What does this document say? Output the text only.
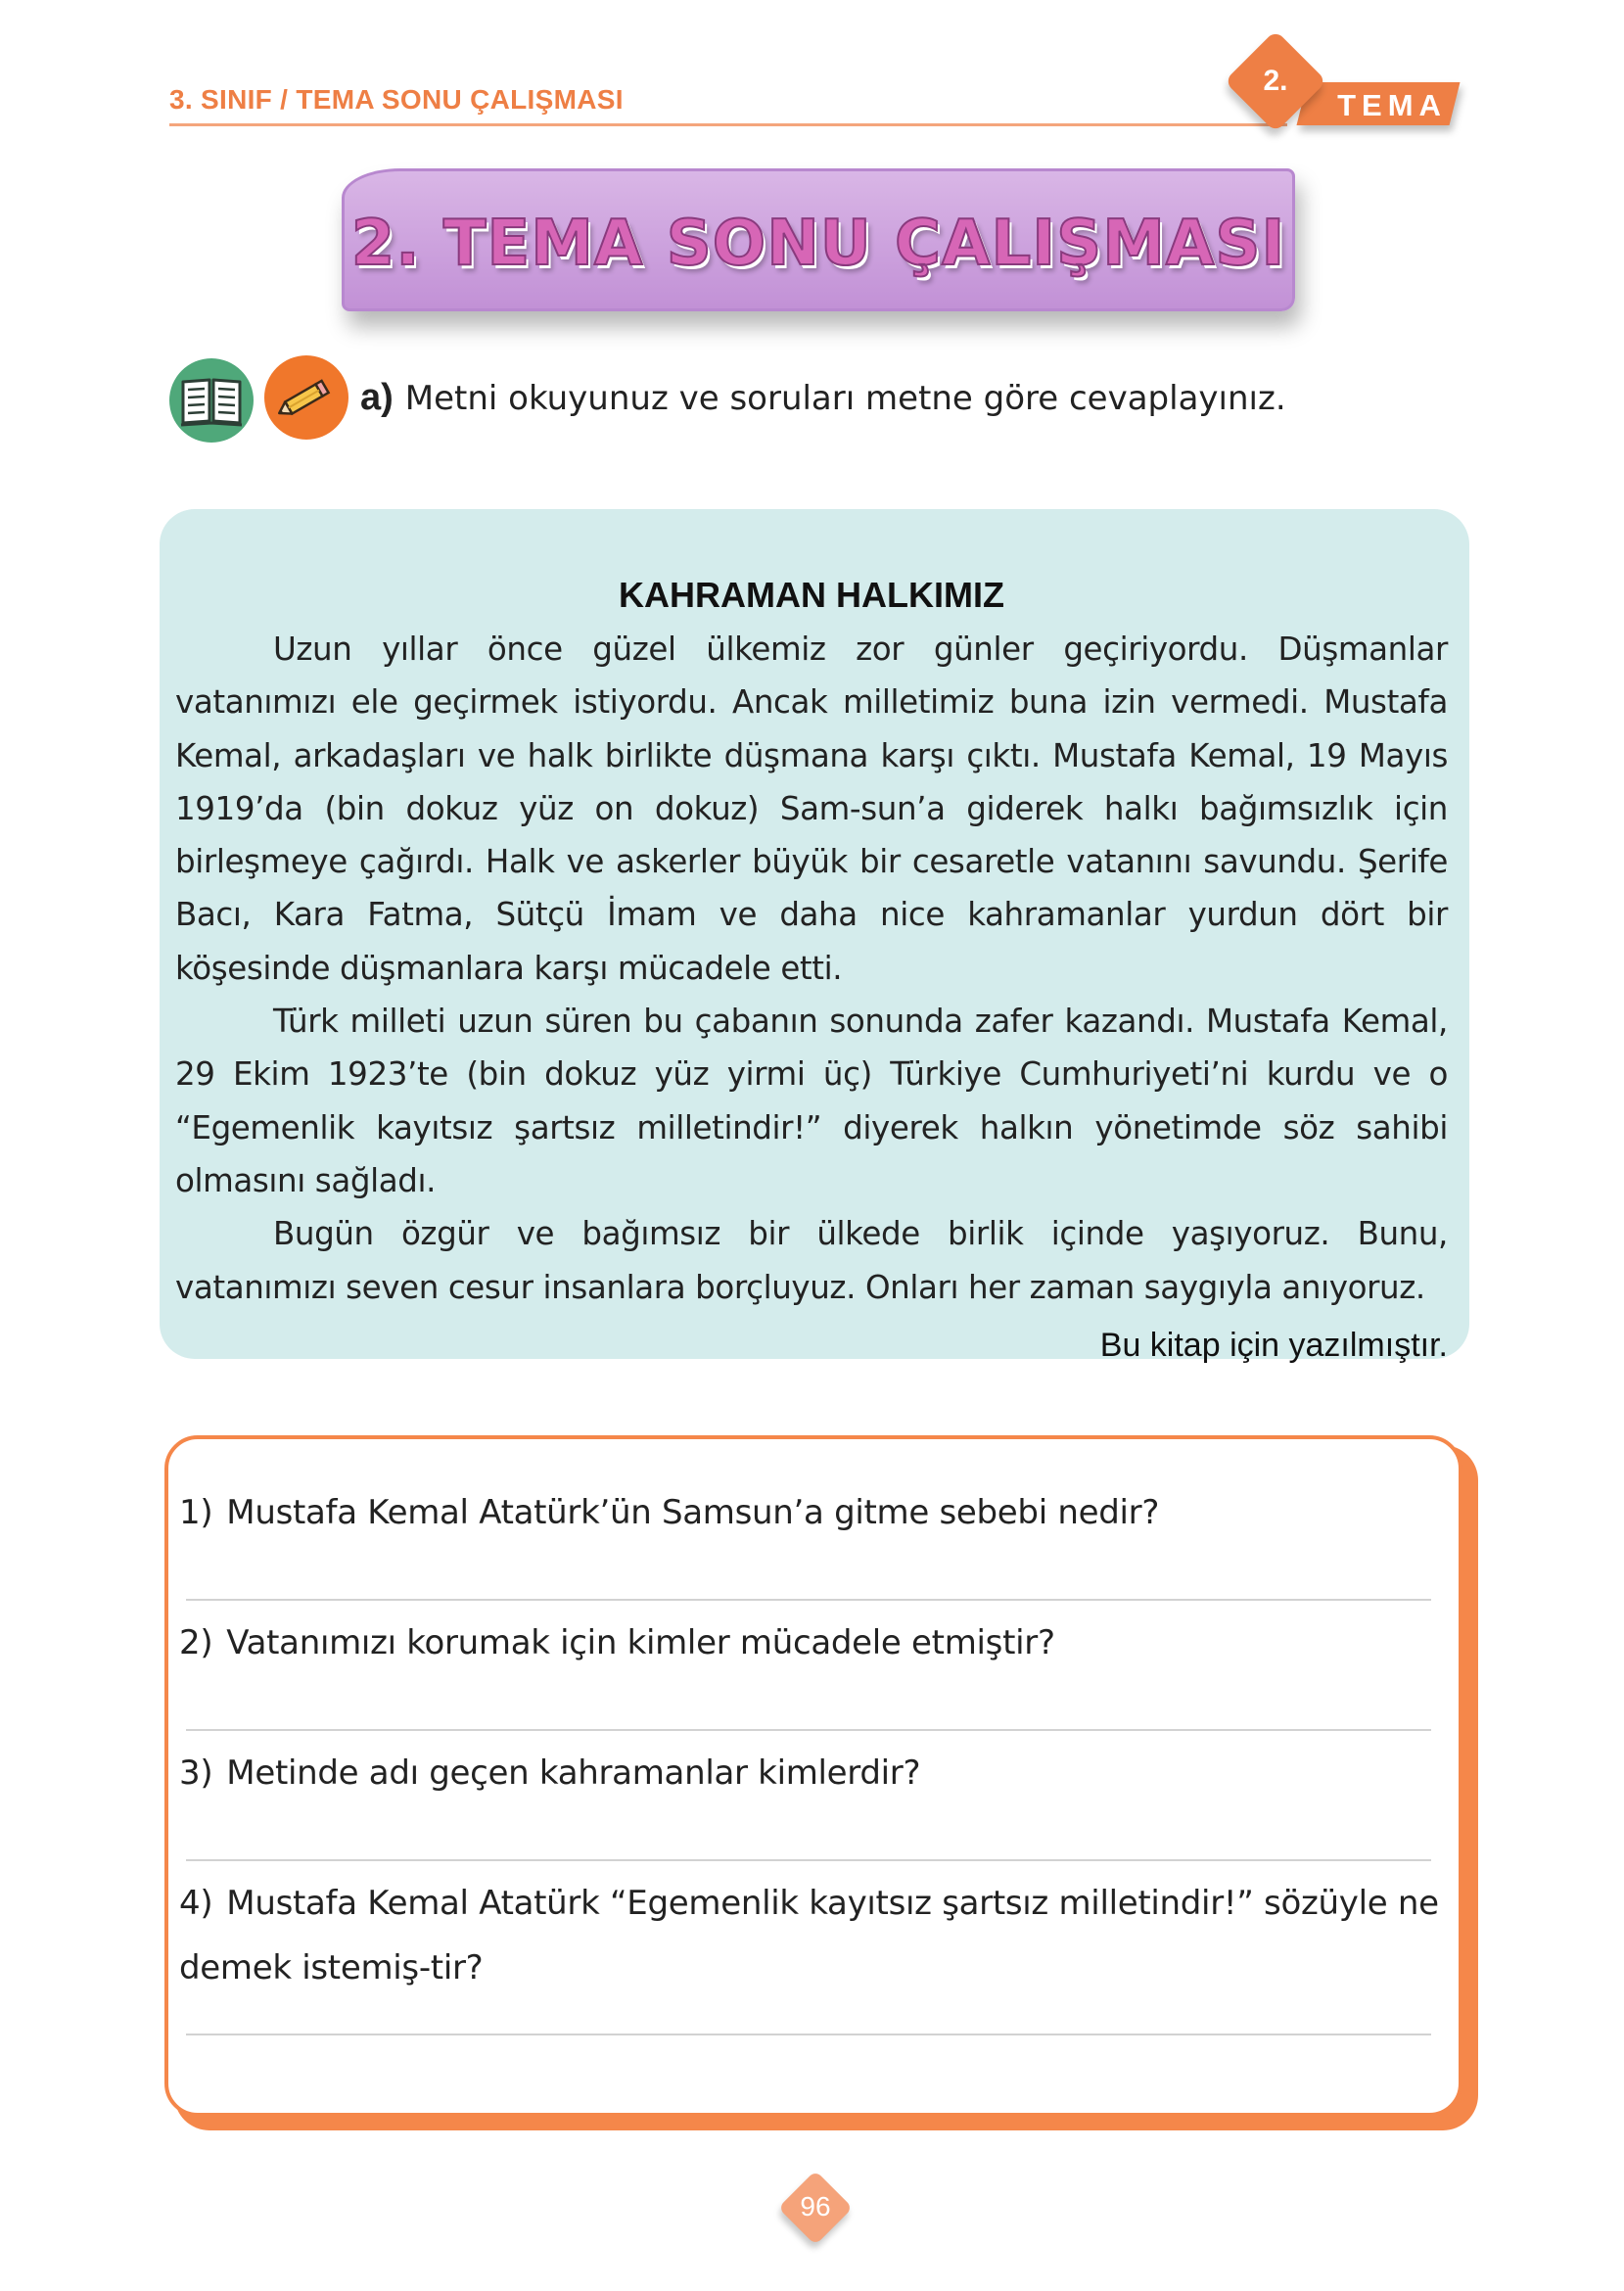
3. SINIF / TEMA SONU ÇALIŞMASI	TEMA
2.
2. TEMA SONU ÇALIŞMASI
a) Metni okuyunuz ve soruları metne göre cevaplayınız.
KAHRAMAN HALKIMIZ

Uzun yıllar önce güzel ülkemiz zor günler geçiriyordu. Düşmanlar vatanımızı ele geçirmek istiyordu. Ancak milletimiz buna izin vermedi. Mustafa Kemal, arkadaşları ve halk birlikte düşmana karşı çıktı. Mustafa Kemal, 19 Mayıs 1919’da (bin dokuz yüz on dokuz) Sam-sun’a giderek halkı bağımsızlık için birleşmeye çağırdı. Halk ve askerler büyük bir cesaretle vatanını savundu. Şerife Bacı, Kara Fatma, Sütçü İmam ve daha nice kahramanlar yurdun dört bir köşesinde düşmanlara karşı mücadele etti.

Türk milleti uzun süren bu çabanın sonunda zafer kazandı. Mustafa Kemal, 29 Ekim 1923’te (bin dokuz yüz yirmi üç) Türkiye Cumhuriyeti’ni kurdu ve o “Egemenlik kayıtsız şartsız milletindir!” diyerek halkın yönetimde söz sahibi olmasını sağladı.

Bugün özgür ve bağımsız bir ülkede birlik içinde yaşıyoruz. Bunu, vatanımızı seven cesur insanlara borçluyuz. Onları her zaman saygıyla anıyoruz.

Bu kitap için yazılmıştır.

1) Mustafa Kemal Atatürk’ün Samsun’a gitme sebebi nedir?
2) Vatanımızı korumak için kimler mücadele etmiştir?
3) Metinde adı geçen kahramanlar kimlerdir?
4) Mustafa Kemal Atatürk “Egemenlik kayıtsız şartsız milletindir!” sözüyle ne demek istemiş-tir?
96
